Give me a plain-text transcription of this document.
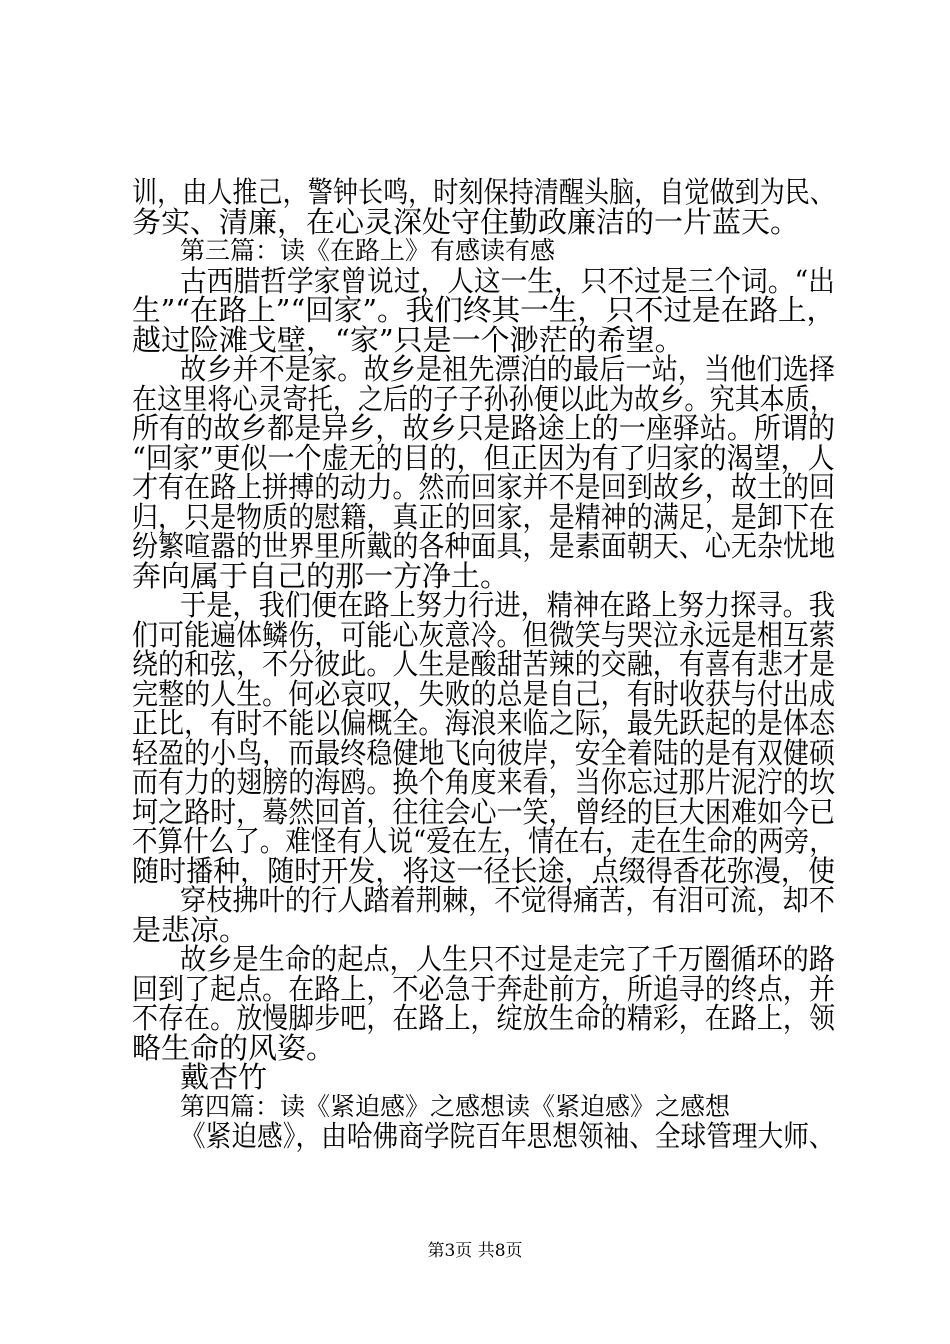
训，由人推己，警钟长鸣，时刻保持清醒头脑，自觉做到为民、
务实、清廉，在心灵深处守住勤政廉洁的一片蓝天。
第三篇：读《在路上》有感读有感
古西腊哲学家曾说过，人这一生，只不过是三个词。“出
生”“在路上”“回家”。我们终其一生，只不过是在路上，
越过险滩戈壁，“家”只是一个渺茫的希望。
故乡并不是家。故乡是祖先漂泊的最后一站，当他们选择
在这里将心灵寄托，之后的子子孙孙便以此为故乡。究其本质，
所有的故乡都是异乡，故乡只是路途上的一座驿站。所谓的
“回家”更似一个虚无的目的，但正因为有了归家的渴望，人
才有在路上拼搏的动力。然而回家并不是回到故乡，故土的回
归，只是物质的慰籍，真正的回家，是精神的满足，是卸下在
纷繁喧嚣的世界里所戴的各种面具，是素面朝天、心无杂忧地
奔向属于自己的那一方净土。
于是，我们便在路上努力行进，精神在路上努力探寻。我
们可能遍体鳞伤，可能心灰意冷。但微笑与哭泣永远是相互萦
绕的和弦，不分彼此。人生是酸甜苦辣的交融，有喜有悲才是
完整的人生。何必哀叹，失败的总是自己，有时收获与付出成
正比，有时不能以偏概全。海浪来临之际，最先跃起的是体态
轻盈的小鸟，而最终稳健地飞向彼岸，安全着陆的是有双健硕
而有力的翅膀的海鸥。换个角度来看，当你忘过那片泥泞的坎
坷之路时，蓦然回首，往往会心一笑，曾经的巨大困难如今已
不算什么了。难怪有人说“爱在左，情在右，走在生命的两旁，
随时播种，随时开发，将这一径长途，点缀得香花弥漫，使
穿枝拂叶的行人踏着荆棘，不觉得痛苦，有泪可流，却不
是悲凉。
故乡是生命的起点，人生只不过是走完了千万圈循环的路
回到了起点。在路上，不必急于奔赴前方，所追寻的终点，并
不存在。放慢脚步吧，在路上，绽放生命的精彩，在路上，领
略生命的风姿。
戴杏竹
第四篇：读《紧迫感》之感想读《紧迫感》之感想
《紧迫感》，由哈佛商学院百年思想领袖、全球管理大师、
第3页 共8页
